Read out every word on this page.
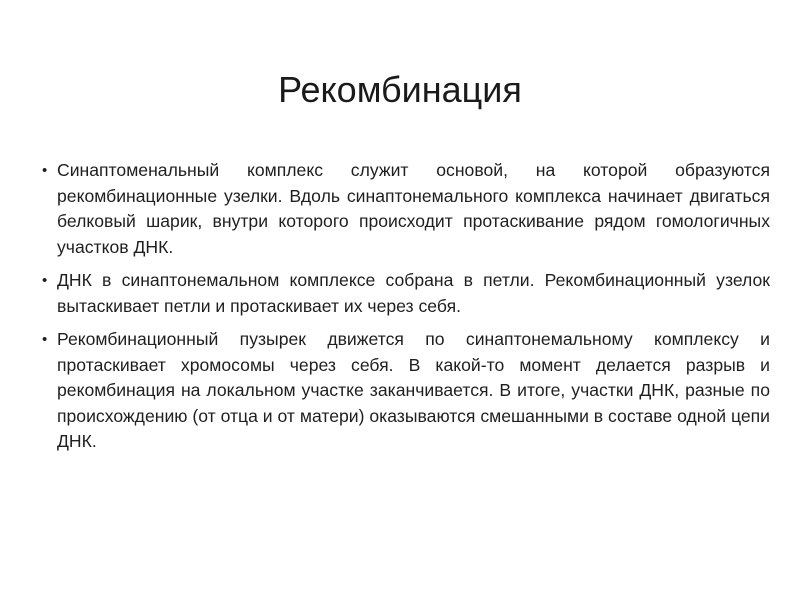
Рекомбинация
• Синаптоменальный комплекс служит основой, на которой образуются рекомбинационные узелки. Вдоль синаптонемального комплекса начинает двигаться белковый шарик, внутри которого происходит протаскивание рядом гомологичных участков ДНК.
• ДНК в синаптонемальном комплексе собрана в петли. Рекомбинационный узелок вытаскивает петли и протаскивает их через себя.
• Рекомбинационный пузырек движется по синаптонемальному комплексу и протаскивает хромосомы через себя. В какой-то момент делается разрыв и рекомбинация на локальном участке заканчивается. В итоге, участки ДНК, разные по происхождению (от отца и от матери) оказываются смешанными в составе одной цепи ДНК.
